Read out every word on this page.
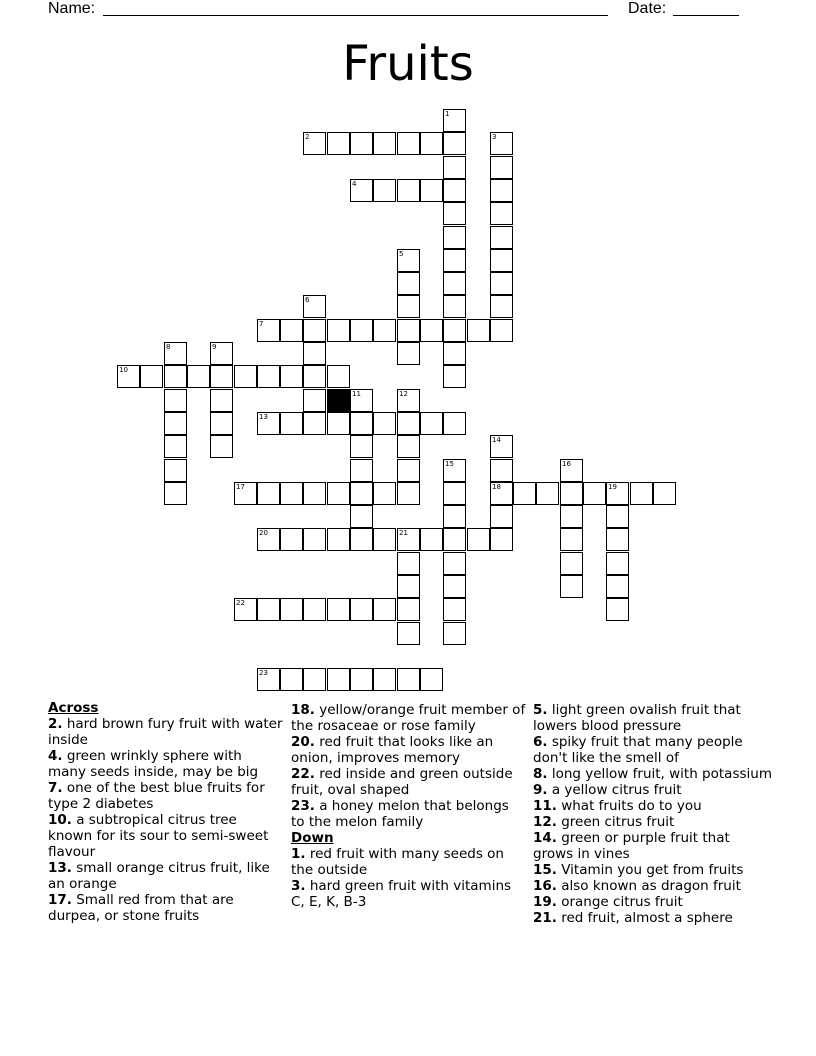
Name:	Date:
Fruits
1
2	3
4
5
6
7
8	9
10
11	12
13
14
15	16
17	18	19
20	21
22
23
Across
2. hard brown fury fruit with water inside
4. green wrinkly sphere with many seeds inside, may be big
7. one of the best blue fruits for type 2 diabetes
10. a subtropical citrus tree known for its sour to semi-sweet flavour
13. small orange citrus fruit, like an orange
17. Small red from that are durpea, or stone fruits
18. yellow/orange fruit member of the rosaceae or rose family
20. red fruit that looks like an onion, improves memory
22. red inside and green outside fruit, oval shaped
23. a honey melon that belongs to the melon family
Down
1. red fruit with many seeds on the outside
3. hard green fruit with vitamins C, E, K, B-3
5. light green ovalish fruit that lowers blood pressure
6. spiky fruit that many people don't like the smell of
8. long yellow fruit, with potassium
9. a yellow citrus fruit
11. what fruits do to you
12. green citrus fruit
14. green or purple fruit that grows in vines
15. Vitamin you get from fruits
16. also known as dragon fruit
19. orange citrus fruit
21. red fruit, almost a sphere
